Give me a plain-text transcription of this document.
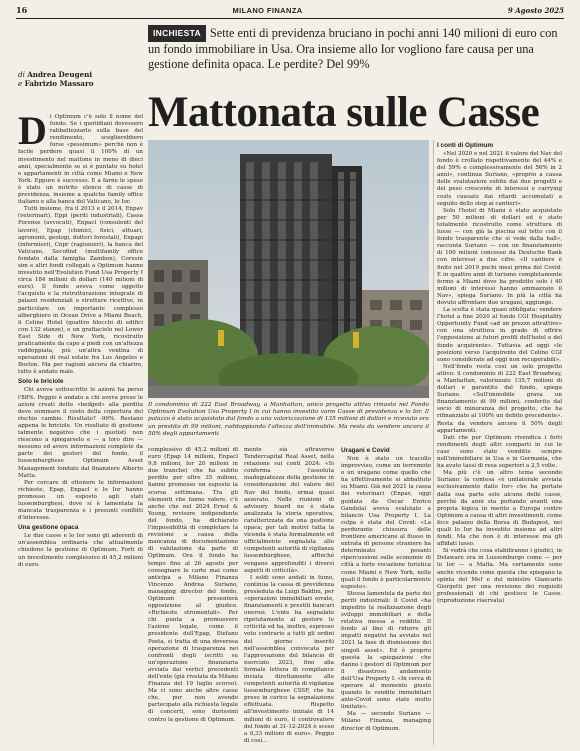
16	MILANO FINANZA	9 Agosto 2025
INCHIESTA Sette enti di previdenza bruciano in pochi anni 140 milioni di euro con un fondo immobiliare in Usa. Ora insieme allo Ior vogliono fare causa per una gestione definita opaca. Le perdite? Del 99%
Mattonata sulle Casse
di Andrea Deugeni
e Fabrizio Massaro
D i Optimum c'è solo il nome del fondo. Se i quotidiani dovessero rabbattezzarlo sulla base del rendimento, sceglierebbero forse «pessimum» perché non è facile perdere quasi il 100% di un investimento nel mattone in meno di dieci anni, specialmente se si è puntato su hotel e appartamenti in città come Miami e New York. Eppure è successo. E a farne le spese è stato un nutrito elenco di casse di previdenza, insieme a qualche family office italiano e alla banca del Vaticano, lo Ior.

Tutti insieme, fra il 2013 e il 2014, Enpav (veterinari), Eppi (periti industriali), Cassa Forense (avvocati), Enpacl (consulenti del lavoro), Epap (chimici, fisici, attuari, agronomi, geologi, dottori forestali), Enpapi (infermieri), Cnpr (ragionieri), la banca del Vaticano, Secofind (multifamily office fondato dalla famiglia Zambon), Coresin sim e altri fondi collegati a Optimum hanno investito nell'Evolution Fund Usa Property I circa 184 milioni di dollari (140 milioni di euro). Il fondo aveva come oggetto l'acquisto e la ristrutturazione integrale di palazzi residenziali o strutture ricettive, in particolare un importante complesso alberghiero in Ocean Drive a Miami Beach, il Celino Hotel (quattro blocchi di edifici con 132 stanze), e un grattacielo nel Lower East Side di New York, ricostruito praticamente da capo a piedi con un'altezza raddoppiata, più un'altra ventina di operazioni di real estate fra Los Angeles e Boston. Ma per ragioni ancora da chiarire, tutto è andato male.

Solo le briciole

Chi aveva sottoscritto le azioni ha perso l'88%. Peggio è andato a chi aveva preso le azioni creati dette «hedged» alla perdita deve sommare il costo della copertura del rischio cambio. Risultato? -99%. Restano appena le briciole. Un risultato di gestione talmente negativo che i quotisti non riescono a spiegarselo e — a loro dire — nessuno ed avere informazioni complete da parte dei gestori del fondo, il lussemburghese Optimum Asset Management fondato dal finanziere Alberto Matta.

Per cercare di ottenere le informazioni richieste, Epap, Enpacl e lo Ior hanno promosso un esposto agli stati lussemburghesi, dove si è lamentata la mancata trasparenza e i presunti conflitti d'interesse.

Una gestione opaca

Le due casse e lo Ior sono gli aderenti di un'assemblea ordinaria che attualmente chiedono la gestione di Optimum. Forti di un investimento complessivo di 45,2 milioni di euro.

Il condominio di 222 East Broadway, a Manhattan, unico progetto attivo rimasto nel Fondo Optimum Evolution Usa Property I in cui hanno investito varie Casse di previdenza e lo Ior. Il palazzo è stato acquistato dal fondo a una valorizzazione di 135 milioni di dollari e ricevuto ora un prestito di 99 milioni, raddoppiando l'altezza dell'immobile. Ma resta da vendere ancora il 50% degli appartamenti

complessivo di 45,2 milioni di euro (Epap 14 milioni, Enpacl 9,8 milioni, Ior 20 milioni in due tranche) che ha subito perdite per oltre 35 milioni, hanno promosso un esposto la scorsa settimana. Tra gli elementi che fanno valere, c'è anche che nel 2024 Ernst & Young, revisore indipendente del fondo, ha dichiarato l'impossibilità di completare la revisione a causa della mancanza di documentazione di valutazione da parte di Optimum. Ora il fondo ha tempo fino al 26 agosto per consegnare le carte mai come anticipa a Milano Finanza Vincenzo Andrea Suriano, managing director del fondo, Optimum presenterà opposizione al giudice. «Richieste strumentali». Per chi punta a promuovere l'azione legale, come il presidente dell'Epap, Stefano Poeta, si tratta di una doverosa operazione di trasparenza nei confronti degli iscritti su un'operazione finanziaria avviata dai vertici precedenti dell'ente (già rivelata da Milano Finanza del 19 luglio scorso). Ma ci sono anche altre casse che, pur non avendo partecipato alla richiesta legale di concerti, sono durissimi contro la gestione di Optimum.

mente sia attraverso Tendercapital Real Asset, nella relazione sui conti 2024: «Si conferma l'assoluta inadeguatezza della gestione in considerazione del valore del Nav del fondo, ormai quasi azzerato. Nelle riunioni di advisory board ne è stata analizzata la storia operativa, caratterizzata da una gestione opaca; per tali motivi tutta la vicenda è stata formalmente ed ufficialmente segnalata alle competenti autorità di vigilanza lussemburghese, affinché vengano approfonditi i diversi aspetti di criticità».

I soldi sono andati in fumo, continua la cassa di previdenza presieduta da Luigi Baldini, per «operazioni immobiliari errate, finanziamenti e prestiti bancari onerosi. L'ente ha segnalato ripetutamente al gestore le criticità ed ha, inoltre, espresso voto contrario a tutti gli ordini del giorno inseriti nell'assemblea convocata per l'approvazione del bilancio di esercizio 2023, fino alla formale lettera di compliance inviata direttamente alle competenti autorità di vigilanza lussemburghese CSSF, che ha preso in carico la segnalazione effettuata. Rispetto all'investimento iniziale di 14 milioni di euro, il controvalore del fondo al 31-12-2024 è sceso a 0,33 milioni di euro». Peggio di così...

Uragani e Covid

Non è stato un tracollo improvviso, come un terremoto o un uragano come quello che ha effettivamente si abbattuto su Miami. Già nel 2021 la cassa dei veterinari (Enpav, oggi guidata da Oscar Enrico Gandola) aveva svalutato a bilancio Usa Property I. La colpa è stata del Covid: «La perdurante chiusura delle frontiere americane al flusso in entrata di persone straniere ha determinato pesanti ripercussioni sulle economie di città a forte vocazione turistica come Miami e New York, nelle quali il fondo è particolarmente esposto».

Stessa lamentela da parte dei periti industriali: il Covid «ha impedito la realizzazione degli sviluppi immobiliari e della relativa messa a reddito. Il fondo al fine di ridurre gli impatti negativi ha avviato nel 2021 la fase di dismissione dei singoli asset». Ed è proprio questa la spiegazione che danno i gestori di Optimum per il disastroso andamento dell'Usa Property I. «In cerca di operare al momento giusto quando le vendite immobiliari ante-Covid sono state molto limitate».

Ma — secondo Suriano — Milano Finanza, managing director di Optimum.

I conti di Optimum

«Nel 2020 e nel 2021 il valore del Nav del fondo è crollato rispettivamente del 44% e del 59% e complessivamente del 56% in 2 anni», continua Suriano, «proprio a causa delle svalutazioni subite dai due progetti e del peso crescente di interessi e carrying costs causato dai ritardi accumulati a seguito dello stop ai cantieri».

Solo l'hotel di Miami è stato acquistato per 50 milioni di dollari ed è stato totalmente ricostruito come struttura di lusso — con già la piscina sul tetto con il fondo trasparente che si vede dalla hall», racconta Suriano — con un finanziamento di 100 milioni concesso da Deutsche Bank con interessi a due cifre. «Il cantiere è finito nel 2019 pochi mesi prima del Covid. E in quattro anni di turismo completamente fermo a Miami dove ha prodotto solo i 40 milioni di interessi hanno ammazzato il Nav», spiega Suriano. In più la città ha dovuto affrontare due uragani, aggiunge.

La scelta è stata quasi obbligata: vendere l'hotel a fine 2020 al fondo CGI Hospitality Opportunity Fund «ad un prezzo attrattivo» con una struttura in grado di offrire l'opposizione ai futuri profili dell'hotel e del fondo acquirente». Tuttavia ad oggi «le posizioni verso l'acquirente del Celino CGI sono considerate ad oggi non recuperabili».

Nell'fondo resta così un solo progetto attivo: il condominio di 222 East Broadway, a Manhattan, valorizzato 135,7 milioni di dollari e garantito dal fondo, spiega Suriano. «Sull'immobile grava un finanziamento di 99 milioni, conferito dal socio di minoranza del progetto, che ha rifinanziato al 100% un debito precedente». Resta da vendere ancora il 50% degli appartamenti.

Dati che per Optimum rivendica i forti rendimenti degli altri comparti in cui le case sono state venditte sempre nell'immobiliare in Usa o in Germania, che ha avuto tassi di resa superiori a 2,5 volte.

Ma più c'è un altro tema secondo Suriano: la contesa «è unilaterale avviata esclusivamente dallo Ior» che ha portato dalla sua parte solo alcune delle casse, perché da anni sta portando avanti una propria logica in merito a Europa contro Optimum a causa di altri investimenti, come fece palazzo della Borsa di Budapest, nei quali lo Ior ha investito insieme ad altri fondi. Ma che non è di interesse ma gli affidati lusso.

Si vedrà che cosa stabiliranno i giudici, in Delaware ora in Lussemburgo come — per lo Ior — a Malta. Ma certamente sono anche vicende come questa che spiegano la spinta del Mef e del ministro Giancarlo Giorgetti per una revisione dei requisiti professionali di chi gestisce le Casse. (riproduzione riservata)
